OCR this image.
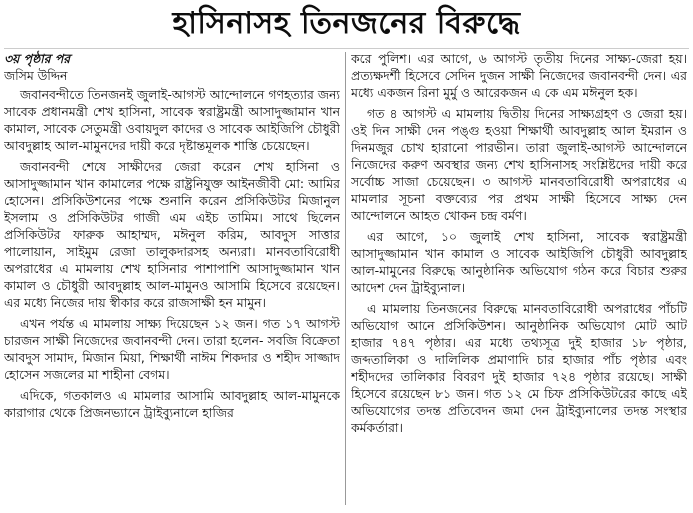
হাসিনাসহ তিনজনের বিরুদ্ধে
৩য় পৃষ্ঠার পর
জসিম উদ্দিন

জবানবন্দীতে তিনজনই জুলাই-আগস্ট আন্দোলনে গণহত্যার জন্য সাবেক প্রধানমন্ত্রী শেখ হাসিনা, সাবেক স্বরাষ্ট্রমন্ত্রী আসাদুজ্জামান খান কামাল, সাবেক সেতুমন্ত্রী ওবায়দুল কাদের ও সাবেক আইজিপি চৌধুরী আবদুল্লাহ আল-মামুনদের দায়ী করে দৃষ্টান্তমূলক শাস্তি চেয়েছেন।

জবানবন্দী শেষে সাক্ষীদের জেরা করেন শেখ হাসিনা ও আসাদুজ্জামান খান কামালের পক্ষে রাষ্ট্রনিযুক্ত আইনজীবী মো: আমির হোসেন। প্রসিকিউশনের পক্ষে শুনানি করেন প্রসিকিউটর মিজানুল ইসলাম ও প্রসিকিউটর গাজী এম এইচ তামিম। সাথে ছিলেন প্রসিকিউটর ফারুক আহাম্মদ, মঈনুল করিম, আবদুস সাত্তার পালোয়ান, সাইমুম রেজা তালুকদারসহ অন্যরা। মানবতাবিরোধী অপরাধের এ মামলায় শেখ হাসিনার পাশাপাশি আসাদুজ্জামান খান কামাল ও চৌধুরী আবদুল্লাহ আল-মামুনও আসামি হিসেবে রয়েছেন। এর মধ্যে নিজের দায় স্বীকার করে রাজসাক্ষী হন মামুন।

এখন পর্যন্ত এ মামলায় সাক্ষ্য দিয়েছেন ১২ জন। গত ১৭ আগস্ট চারজন সাক্ষী নিজেদের জবানবন্দী দেন। তারা হলেন- সবজি বিক্রেতা আবদুস সামাদ, মিজান মিয়া, শিক্ষার্থী নাঈম শিকদার ও শহীদ সাজ্জাদ হোসেন সজলের মা শাহীনা বেগম।

এদিকে, গতকালও এ মামলার আসামি আবদুল্লাহ আল-মামুনকে কারাগার থেকে প্রিজনভ্যানে ট্রাইব্যুনালে হাজির

করে পুলিশ। এর আগে, ৬ আগস্ট তৃতীয় দিনের সাক্ষ্য-জেরা হয়। প্রত্যক্ষদর্শী হিসেবে সেদিন দুজন সাক্ষী নিজেদের জবানবন্দী দেন। এর মধ্যে একজন রিনা মুর্মু ও আরেকজন এ কে এম মঈনুল হক।

গত ৪ আগস্ট এ মামলায় দ্বিতীয় দিনের সাক্ষ্যগ্রহণ ও জেরা হয়। ওই দিন সাক্ষী দেন পঙ্গু হওয়া শিক্ষার্থী আবদুল্লাহ আল ইমরান ও দিনমজুর চোখ হারানো পারভীন। তারা জুলাই-আগস্ট আন্দোলনে নিজেদের করুণ অবস্থার জন্য শেখ হাসিনাসহ সংশ্লিষ্টদের দায়ী করে সর্বোচ্চ সাজা চেয়েছেন। ৩ আগস্ট মানবতাবিরোধী অপরাধের এ মামলার সূচনা বক্তব্যের পর প্রথম সাক্ষী হিসেবে সাক্ষ্য দেন আন্দোলনে আহত খোকন চন্দ্র বর্মণ।

এর আগে, ১০ জুলাই শেখ হাসিনা, সাবেক স্বরাষ্ট্রমন্ত্রী আসাদুজ্জামান খান কামাল ও সাবেক আইজিপি চৌধুরী আবদুল্লাহ আল-মামুনের বিরুদ্ধে আনুষ্ঠানিক অভিযোগ গঠন করে বিচার শুরুর আদেশ দেন ট্রাইব্যুনাল।

এ মামলায় তিনজনের বিরুদ্ধে মানবতাবিরোধী অপরাধের পাঁচটি অভিযোগ আনে প্রসিকিউশন। আনুষ্ঠানিক অভিযোগ মোট আট হাজার ৭৪৭ পৃষ্ঠার। এর মধ্যে তথ্যসূত্র দুই হাজার ১৮ পৃষ্ঠার, জব্দতালিকা ও দালিলিক প্রমাণাদি চার হাজার পাঁচ পৃষ্ঠার এবং শহীদদের তালিকার বিবরণ দুই হাজার ৭২৪ পৃষ্ঠার রয়েছে। সাক্ষী হিসেবে রয়েছেন ৮১ জন। গত ১২ মে চিফ প্রসিকিউটরের কাছে এই অভিযোগের তদন্ত প্রতিবেদন জমা দেন ট্রাইব্যুনালের তদন্ত সংস্থার কর্মকর্তারা।
